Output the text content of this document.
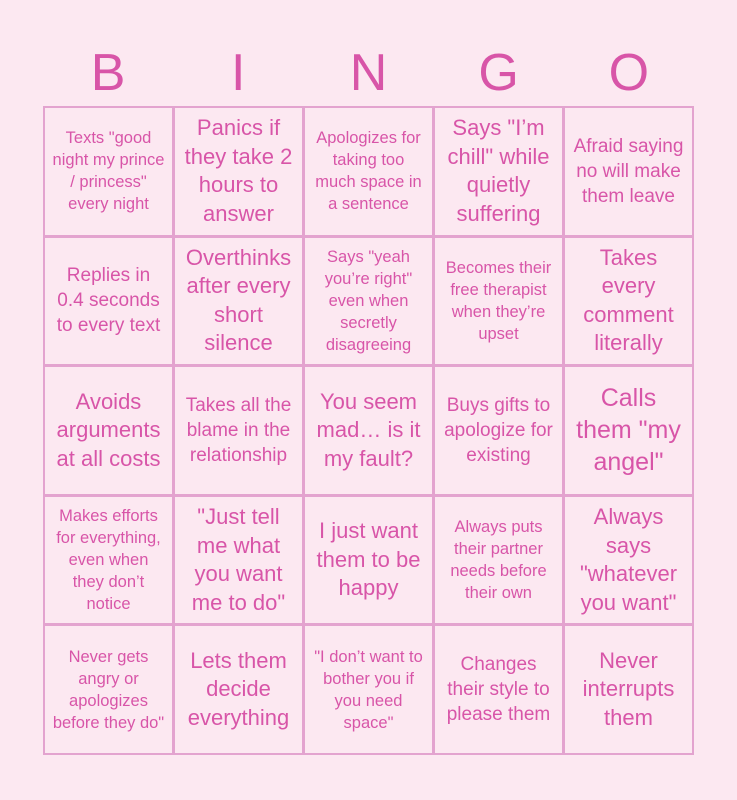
B	I	N	G	O
Texts "good night my prince / princess" every night
Panics if they take 2 hours to answer
Apologizes for taking too much space in a sentence
Says "I’m chill" while quietly suffering
Afraid saying no will make them leave
Replies in 0.4 seconds to every text
Overthinks after every short silence
Says "yeah you’re right" even when secretly disagreeing
Becomes their free therapist when they’re upset
Takes every comment literally
Avoids arguments at all costs
Takes all the blame in the relationship
You seem mad… is it my fault?
Buys gifts to apologize for existing
Calls them "my angel"
Makes efforts for everything, even when they don’t notice
"Just tell me what you want me to do"
I just want them to be happy
Always puts their partner needs before their own
Always says "whatever you want"
Never gets angry or apologizes before they do"
Lets them decide everything
"I don’t want to bother you if you need space"
Changes their style to please them
Never interrupts them
